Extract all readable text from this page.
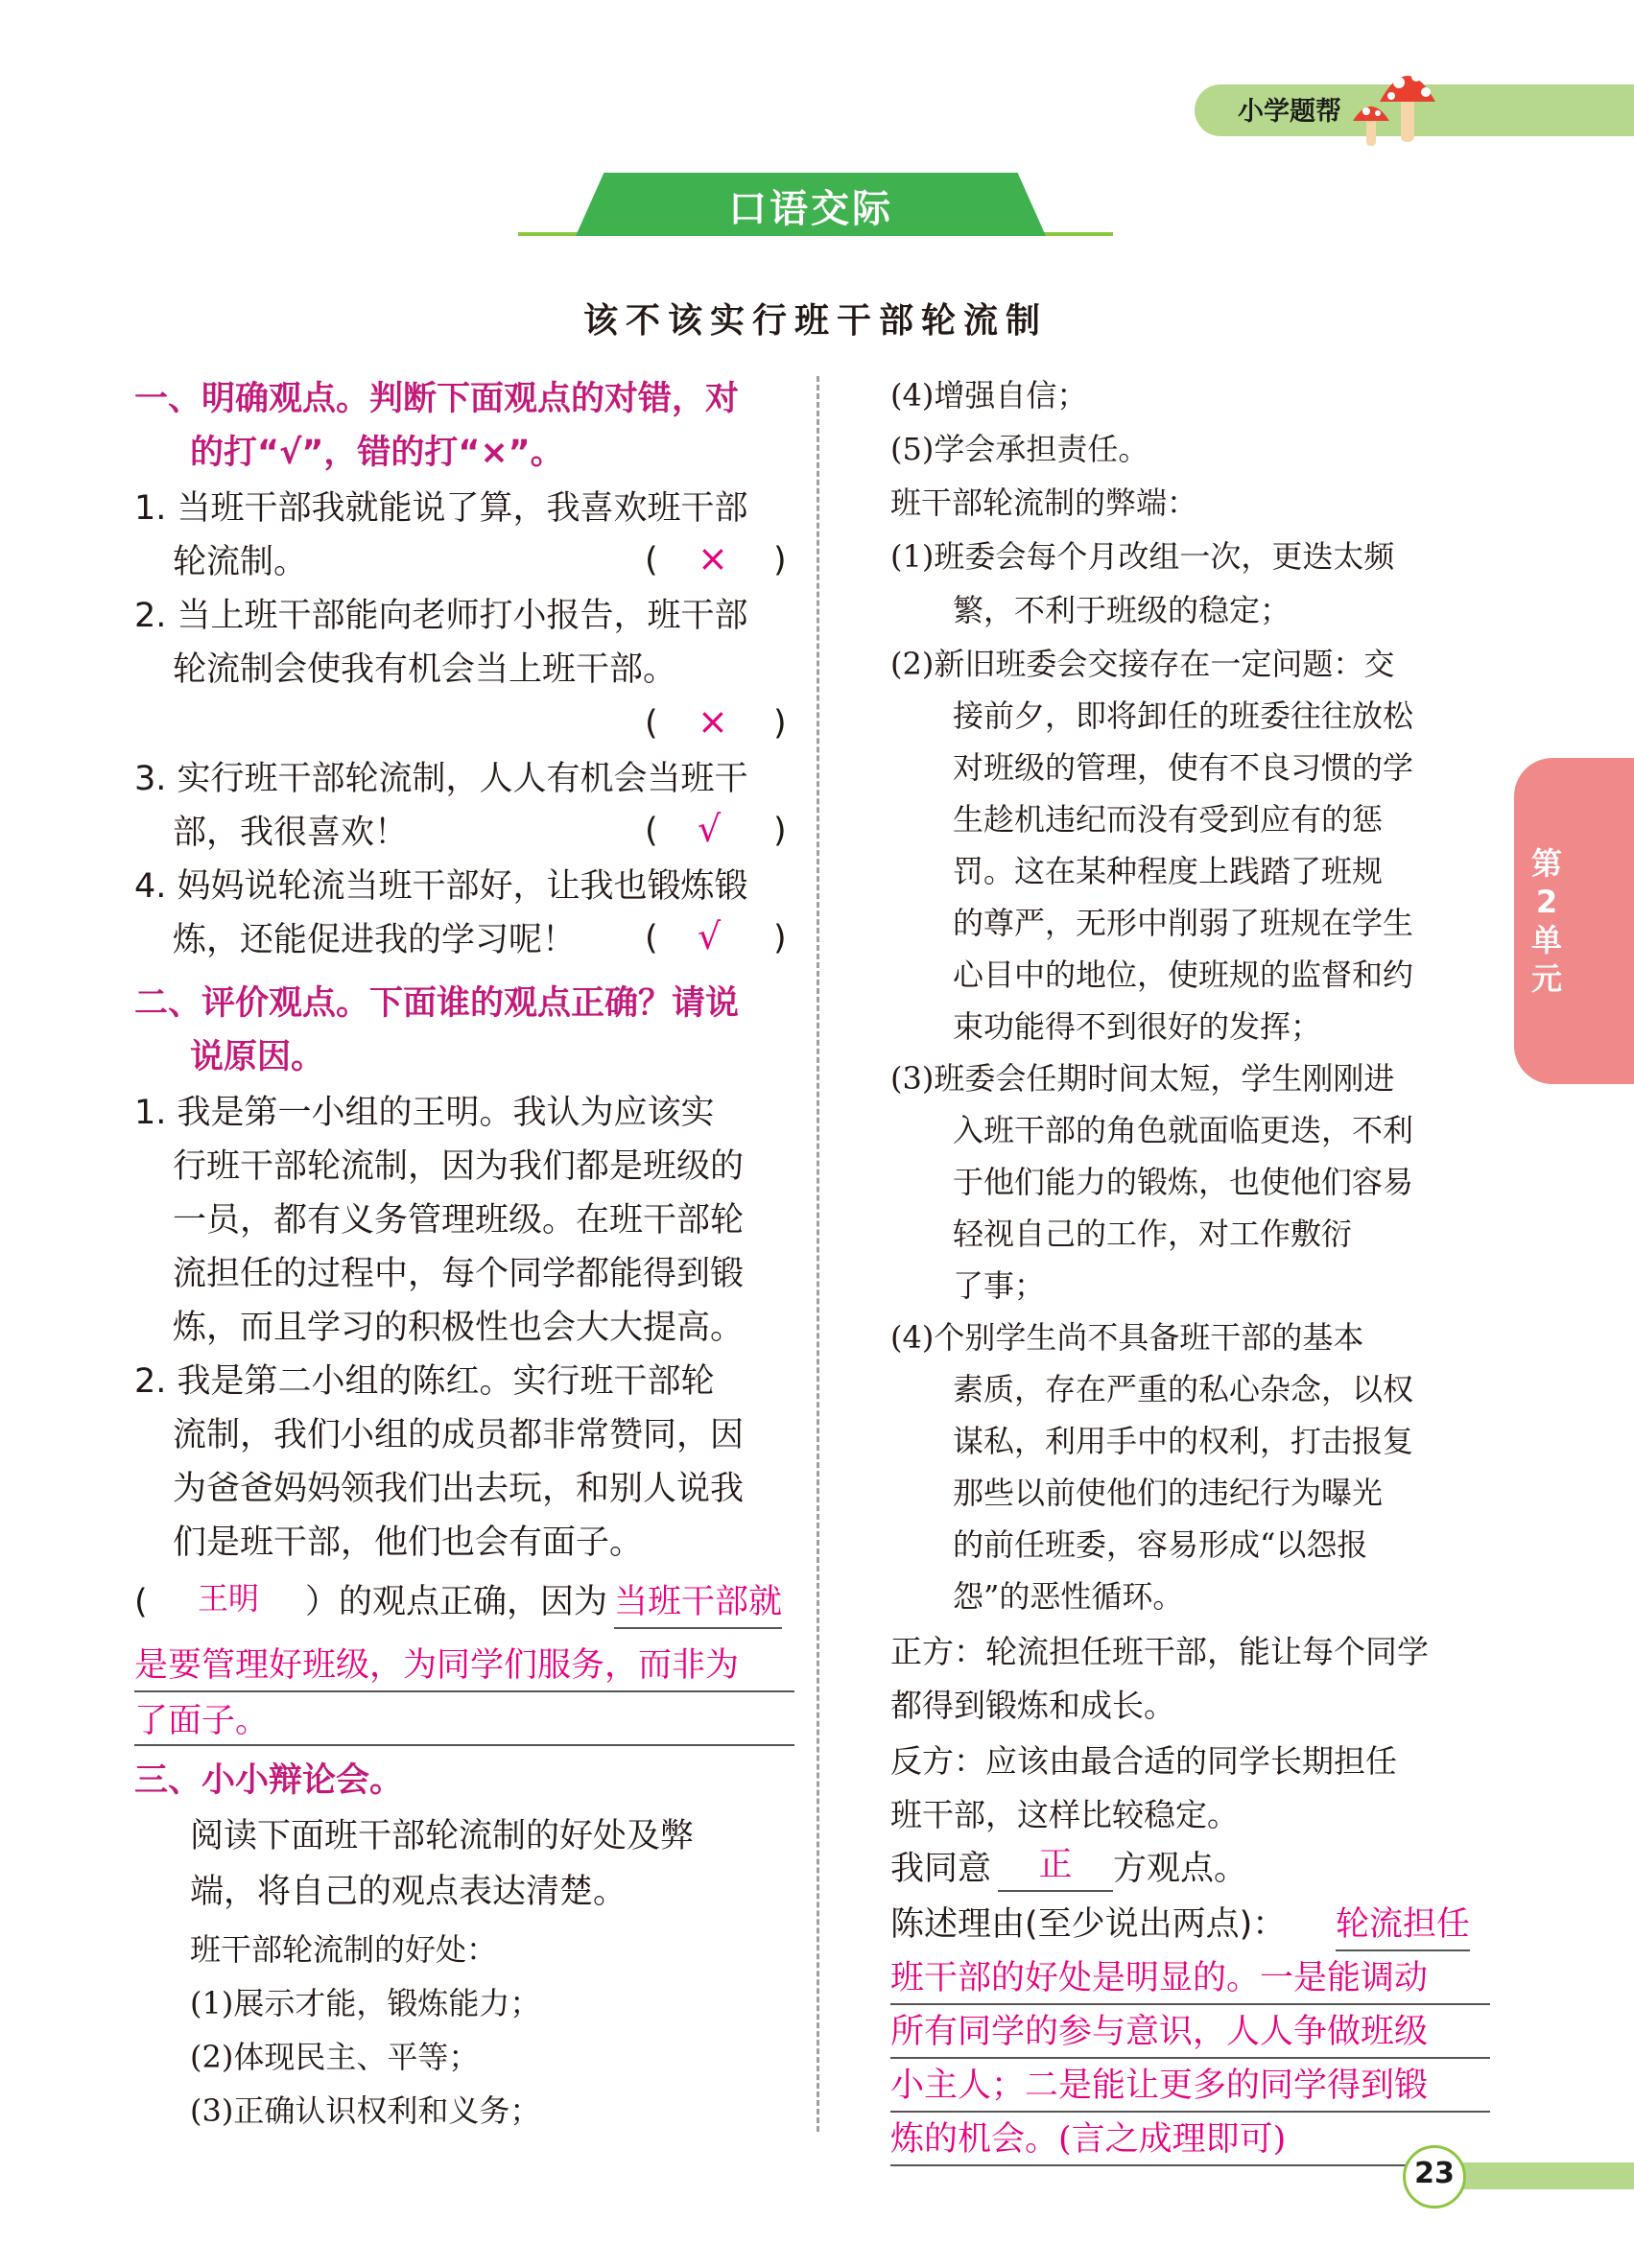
小学题帮
口语交际
该不该实行班干部轮流制
一、明确观点。判断下面观点的对错，对
的打“√”，错的打“×”。
1. 当班干部我就能说了算，我喜欢班干部
轮流制。	( × )
2. 当上班干部能向老师打小报告，班干部
轮流制会使我有机会当上班干部。
( × )
3. 实行班干部轮流制，人人有机会当班干
部，我很喜欢！	( √ )
4. 妈妈说轮流当班干部好，让我也锻炼锻
炼，还能促进我的学习呢！ ( √ )
二、评价观点。下面谁的观点正确？请说
说原因。
1. 我是第一小组的王明。我认为应该实
行班干部轮流制，因为我们都是班级的
一员，都有义务管理班级。在班干部轮
流担任的过程中，每个同学都能得到锻
炼，而且学习的积极性也会大大提高。
2. 我是第二小组的陈红。实行班干部轮
流制，我们小组的成员都非常赞同，因
为爸爸妈妈领我们出去玩，和别人说我
们是班干部，他们也会有面子。
( 王明 ）的观点正确，因为 当班干部就
是要管理好班级，为同学们服务，而非为
了面子。
三、小小辩论会。
阅读下面班干部轮流制的好处及弊
端，将自己的观点表达清楚。
班干部轮流制的好处：
(1)展示才能，锻炼能力；
(2)体现民主、平等；
(3)正确认识权利和义务；
(4)增强自信；
(5)学会承担责任。
班干部轮流制的弊端：
(1)班委会每个月改组一次，更迭太频
繁，不利于班级的稳定；
(2)新旧班委会交接存在一定问题：交
接前夕，即将卸任的班委往往放松
对班级的管理，使有不良习惯的学
生趁机违纪而没有受到应有的惩
罚。这在某种程度上践踏了班规
的尊严，无形中削弱了班规在学生
心目中的地位，使班规的监督和约
束功能得不到很好的发挥；
(3)班委会任期时间太短，学生刚刚进
入班干部的角色就面临更迭，不利
于他们能力的锻炼，也使他们容易
轻视自己的工作，对工作敷衍
了事；
(4)个别学生尚不具备班干部的基本
素质，存在严重的私心杂念，以权
谋私，利用手中的权利，打击报复
那些以前使他们的违纪行为曝光
的前任班委，容易形成“以怨报
怨”的恶性循环。
正方：轮流担任班干部，能让每个同学
都得到锻炼和成长。
反方：应该由最合适的同学长期担任
班干部，这样比较稳定。
我同意	正	方观点。
陈述理由(至少说出两点)： 轮流担任
班干部的好处是明显的。一是能调动
所有同学的参与意识，人人争做班级
小主人；二是能让更多的同学得到锻
炼的机会。(言之成理即可)
第2单元
23
